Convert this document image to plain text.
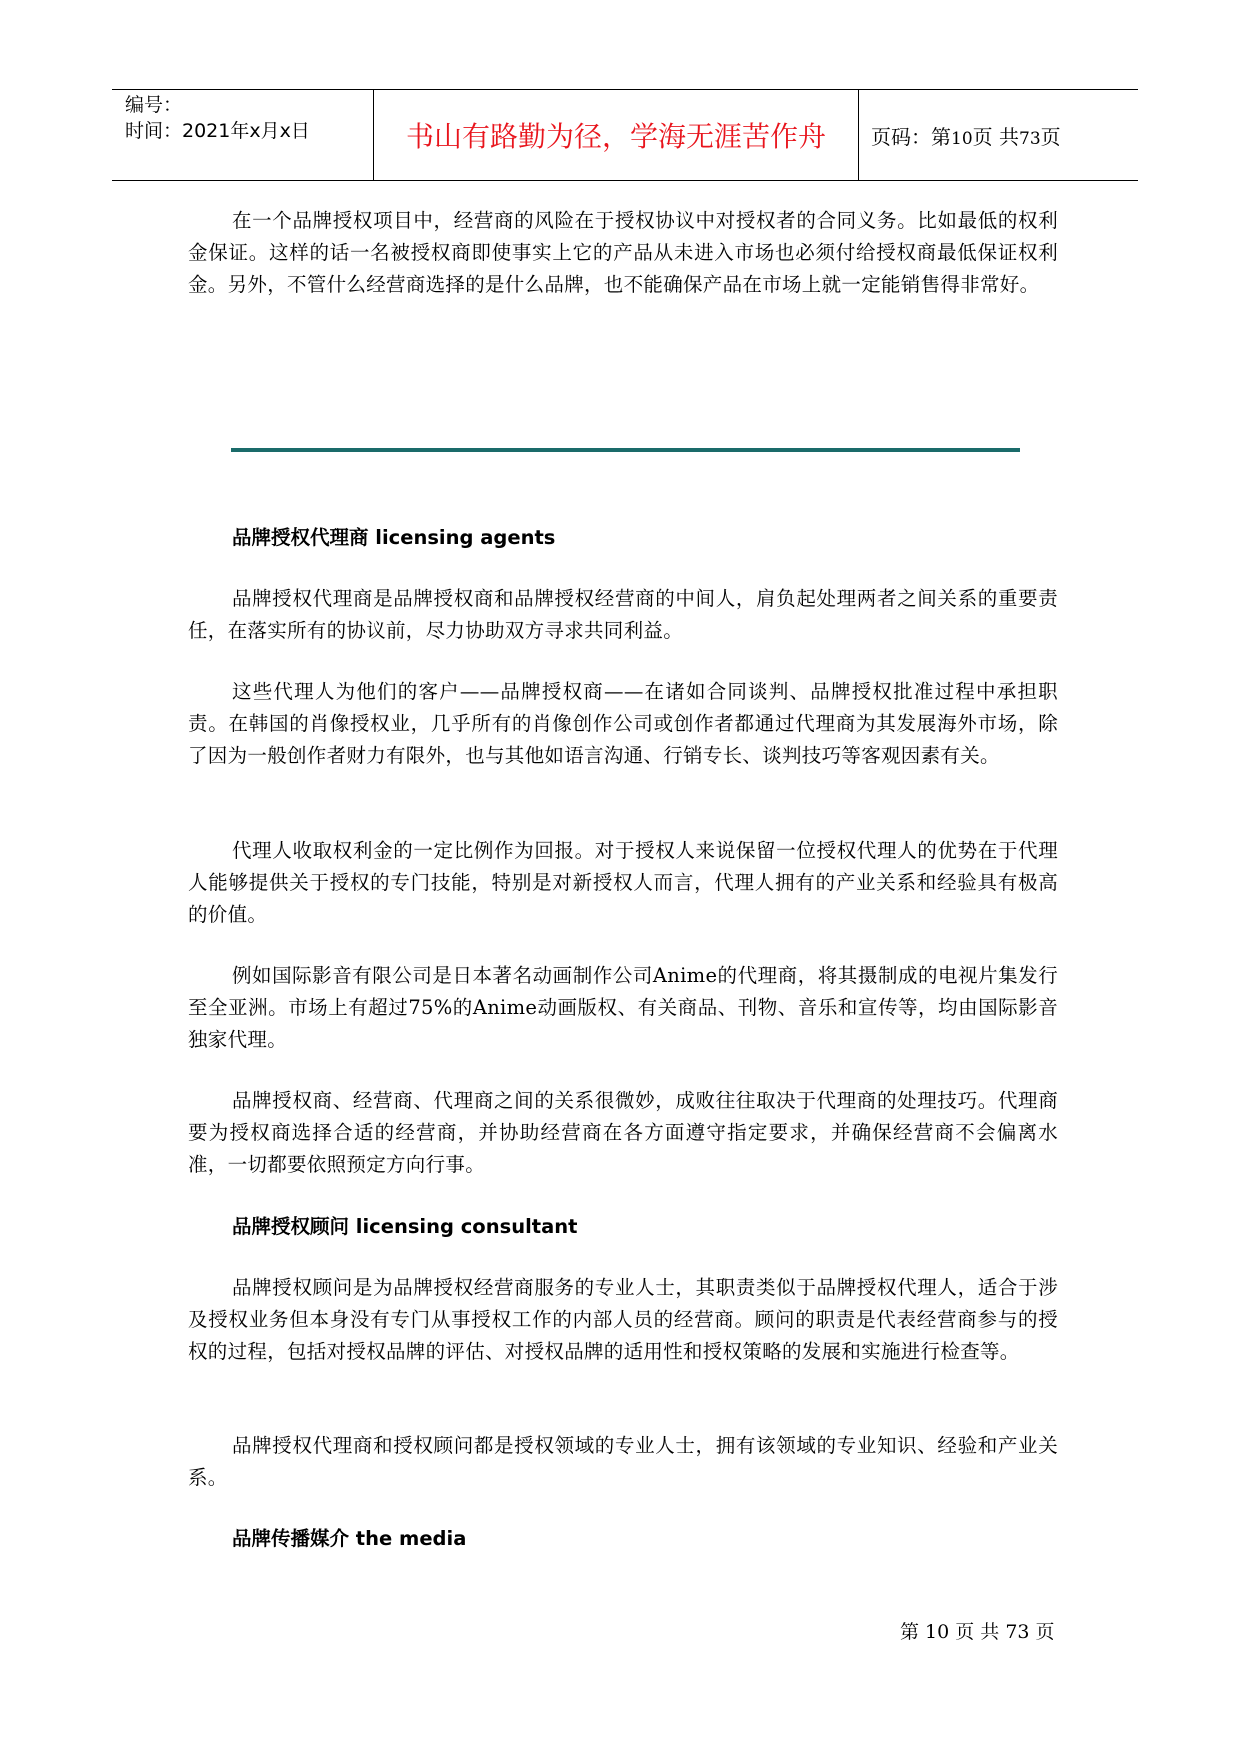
编号：
时间：2021年x月x日	书山有路勤为径，学海无涯苦作舟	页码：第10页 共73页

在一个品牌授权项目中，经营商的风险在于授权协议中对授权者的合同义务。比如最低的权利金保证。这样的话一名被授权商即使事实上它的产品从未进入市场也必须付给授权商最低保证权利金。另外，不管什么经营商选择的是什么品牌，也不能确保产品在市场上就一定能销售得非常好。

品牌授权代理商 licensing agents

品牌授权代理商是品牌授权商和品牌授权经营商的中间人，肩负起处理两者之间关系的重要责任，在落实所有的协议前，尽力协助双方寻求共同利益。

这些代理人为他们的客户——品牌授权商——在诸如合同谈判、品牌授权批准过程中承担职责。在韩国的肖像授权业，几乎所有的肖像创作公司或创作者都通过代理商为其发展海外市场，除了因为一般创作者财力有限外，也与其他如语言沟通、行销专长、谈判技巧等客观因素有关。

代理人收取权利金的一定比例作为回报。对于授权人来说保留一位授权代理人的优势在于代理人能够提供关于授权的专门技能，特别是对新授权人而言，代理人拥有的产业关系和经验具有极高的价值。

例如国际影音有限公司是日本著名动画制作公司Anime的代理商，将其摄制成的电视片集发行至全亚洲。市场上有超过75%的Anime动画版权、有关商品、刊物、音乐和宣传等，均由国际影音独家代理。

品牌授权商、经营商、代理商之间的关系很微妙，成败往往取决于代理商的处理技巧。代理商要为授权商选择合适的经营商，并协助经营商在各方面遵守指定要求，并确保经营商不会偏离水准，一切都要依照预定方向行事。

品牌授权顾问 licensing consultant

品牌授权顾问是为品牌授权经营商服务的专业人士，其职责类似于品牌授权代理人，适合于涉及授权业务但本身没有专门从事授权工作的内部人员的经营商。顾问的职责是代表经营商参与的授权的过程，包括对授权品牌的评估、对授权品牌的适用性和授权策略的发展和实施进行检查等。

品牌授权代理商和授权顾问都是授权领域的专业人士，拥有该领域的专业知识、经验和产业关系。

品牌传播媒介 the media
第 10 页 共 73 页
